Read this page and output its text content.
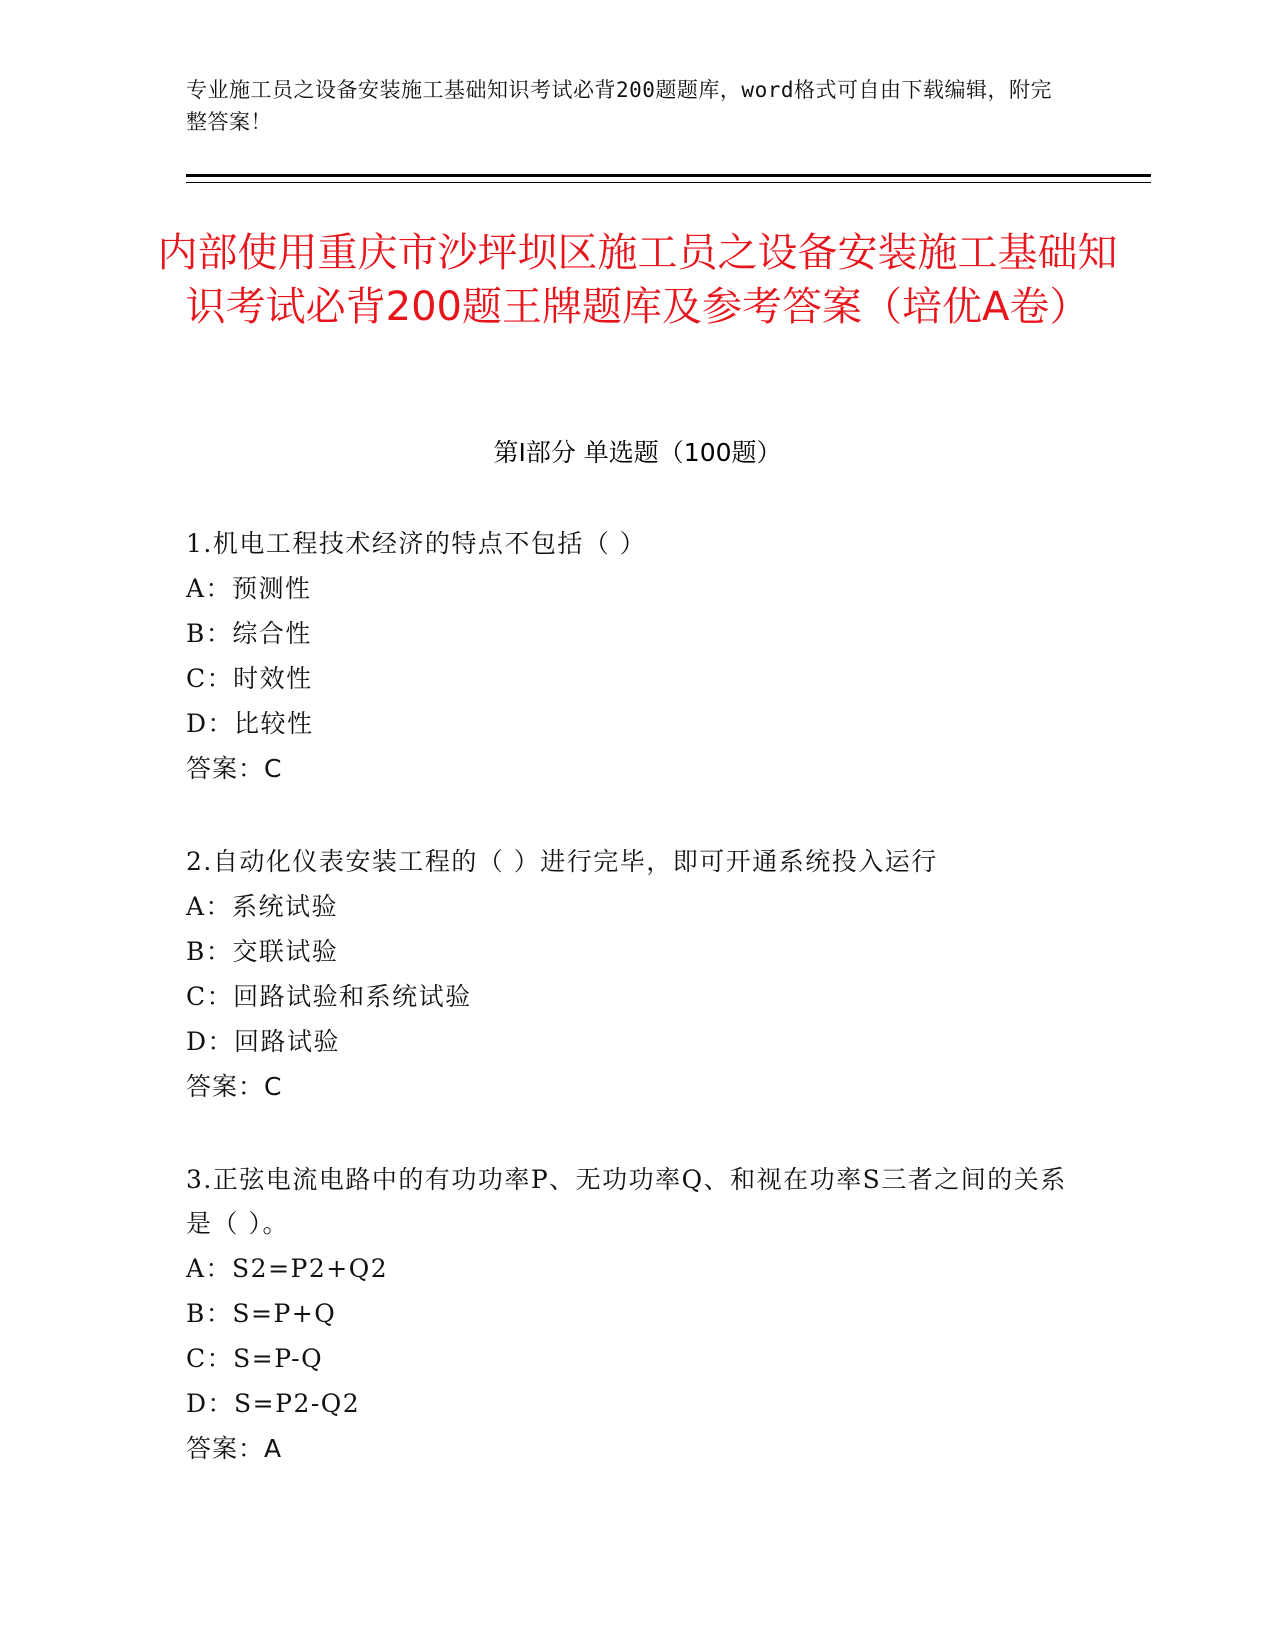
专业施工员之设备安装施工基础知识考试必背200题题库，word格式可自由下载编辑，附完整答案！
内部使用重庆市沙坪坝区施工员之设备安装施工基础知识考试必背200题王牌题库及参考答案（培优A卷）
第I部分 单选题（100题）
1.机电工程技术经济的特点不包括（ ）
A：预测性
B：综合性
C：时效性
D：比较性
答案：C
2.自动化仪表安装工程的（ ）进行完毕，即可开通系统投入运行
A：系统试验
B：交联试验
C：回路试验和系统试验
D：回路试验
答案：C
3.正弦电流电路中的有功功率P、无功功率Q、和视在功率S三者之间的关系是（ ）。
A：S2=P2+Q2
B：S=P+Q
C：S=P-Q
D：S=P2-Q2
答案：A
